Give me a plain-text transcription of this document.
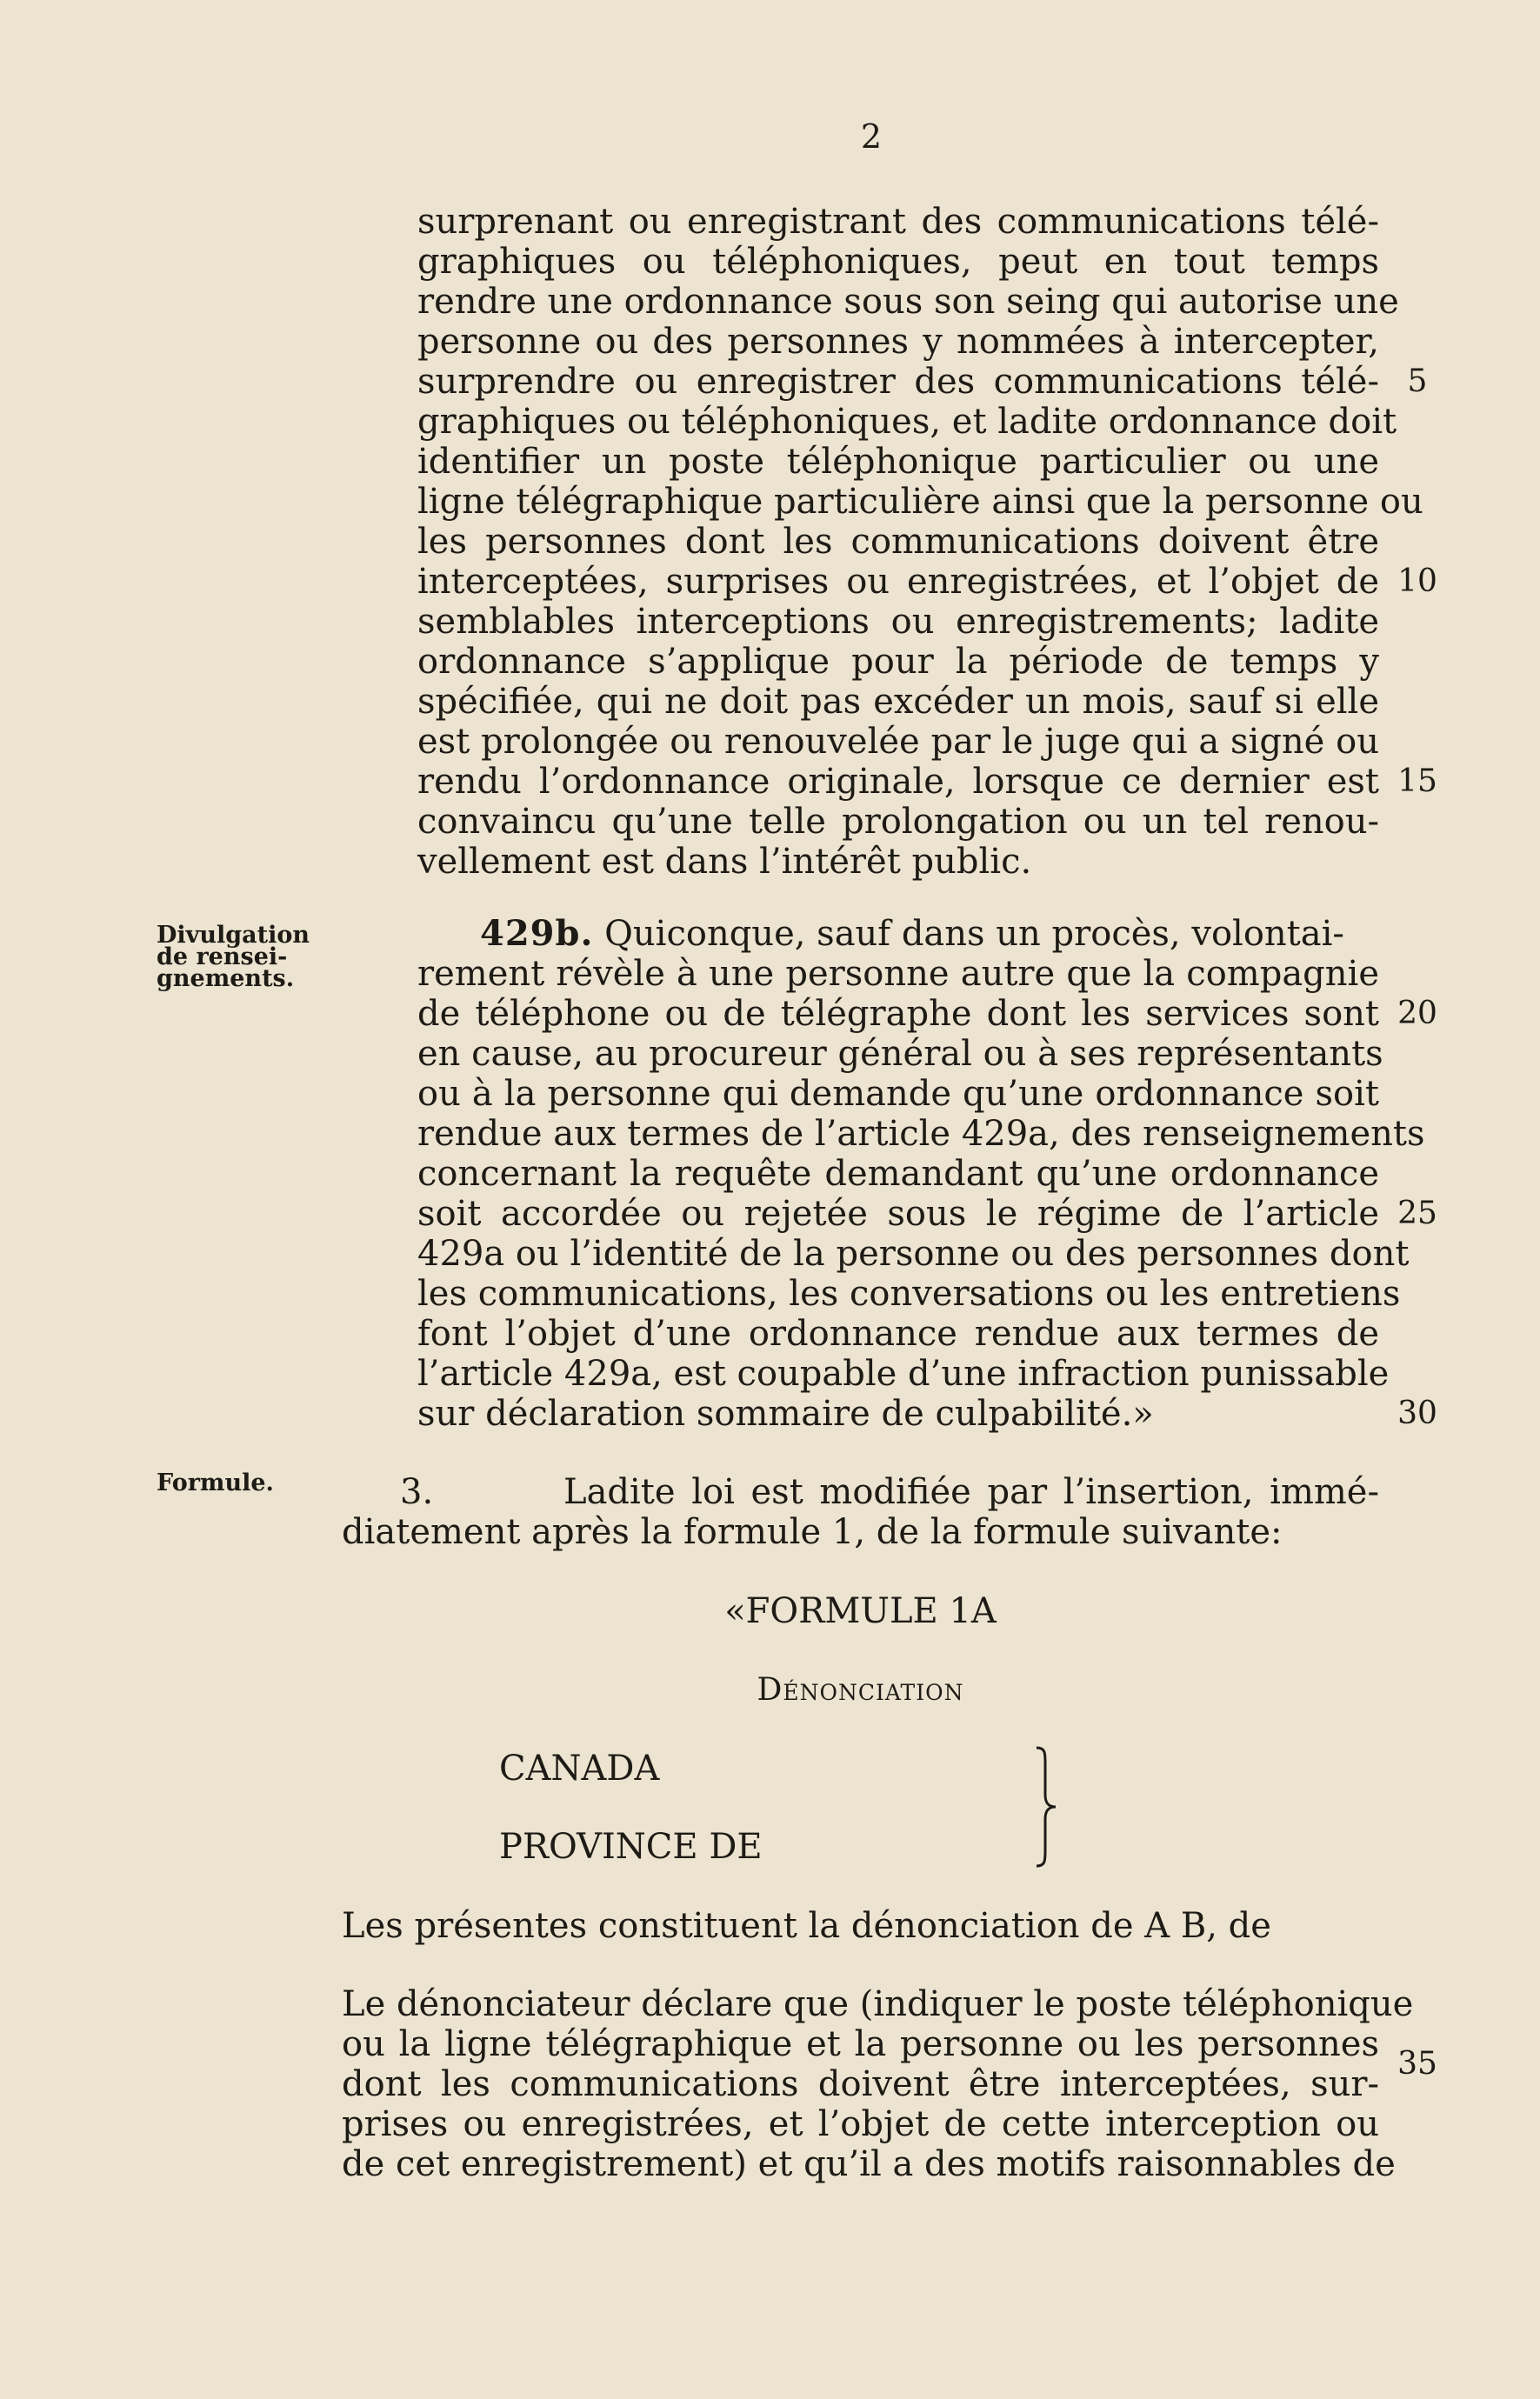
2
surprenant ou enregistrant des communications télé-
graphiques ou téléphoniques, peut en tout temps
rendre une ordonnance sous son seing qui autorise une
personne ou des personnes y nommées à intercepter,
surprendre ou enregistrer des communications télé-
graphiques ou téléphoniques, et ladite ordonnance doit
identifier un poste téléphonique particulier ou une
ligne télégraphique particulière ainsi que la personne ou
les personnes dont les communications doivent être
interceptées, surprises ou enregistrées, et l’objet de
semblables interceptions ou enregistrements; ladite
ordonnance s’applique pour la période de temps y
spécifiée, qui ne doit pas excéder un mois, sauf si elle
est prolongée ou renouvelée par le juge qui a signé ou
rendu l’ordonnance originale, lorsque ce dernier est
convaincu qu’une telle prolongation ou un tel renou-
vellement est dans l’intérêt public.
5
10
15
20
25
30
35
Divulgation
de rensei-
gnements.
Formule.
429b. Quiconque, sauf dans un procès, volontai-
rement révèle à une personne autre que la compagnie
de téléphone ou de télégraphe dont les services sont
en cause, au procureur général ou à ses représentants
ou à la personne qui demande qu’une ordonnance soit
rendue aux termes de l’article 429a, des renseignements
concernant la requête demandant qu’une ordonnance
soit accordée ou rejetée sous le régime de l’article
429a ou l’identité de la personne ou des personnes dont
les communications, les conversations ou les entretiens
font l’objet d’une ordonnance rendue aux termes de
l’article 429a, est coupable d’une infraction punissable
sur déclaration sommaire de culpabilité.»
3.	Ladite loi est modifiée par l’insertion, immé-
diatement après la formule 1, de la formule suivante:
«FORMULE 1A
Dénonciation
CANADA
PROVINCE DE
Les présentes constituent la dénonciation de A B, de
Le dénonciateur déclare que (indiquer le poste téléphonique
ou la ligne télégraphique et la personne ou les personnes
dont les communications doivent être interceptées, sur-
prises ou enregistrées, et l’objet de cette interception ou
de cet enregistrement) et qu’il a des motifs raisonnables de
